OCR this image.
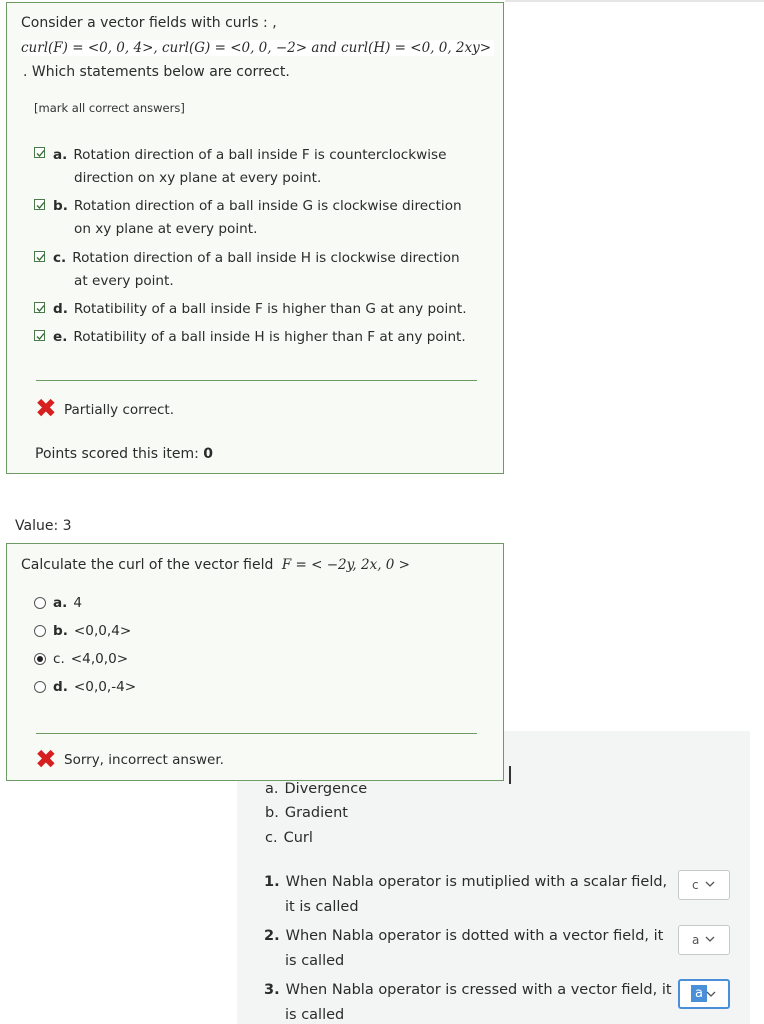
Consider a vector fields with curls : ,
curl(F) = <0, 0, 4>, curl(G) = <0, 0, −2> and curl(H) = <0, 0, 2xy>
. Which statements below are correct.
[mark all correct answers]
a. Rotation direction of a ball inside F is counterclockwise
direction on xy plane at every point.
b. Rotation direction of a ball inside G is clockwise direction
on xy plane at every point.
c. Rotation direction of a ball inside H is clockwise direction
at every point.
d. Rotatibility of a ball inside F is higher than G at any point.
e. Rotatibility of a ball inside H is higher than F at any point.
✖ Partially correct.
Points scored this item: 0
Value: 3
a. Divergence
b. Gradient
c. Curl
1. When Nabla operator is mutiplied with a scalar field,
it is called
c
2. When Nabla operator is dotted with a vector field, it
is called
a
3. When Nabla operator is cressed with a vector field, it
is called
a
Calculate the curl of the vector field F = < −2y, 2x, 0 >
a. 4
b. <0,0,4>
c. <4,0,0>
d. <0,0,-4>
✖ Sorry, incorrect answer.
